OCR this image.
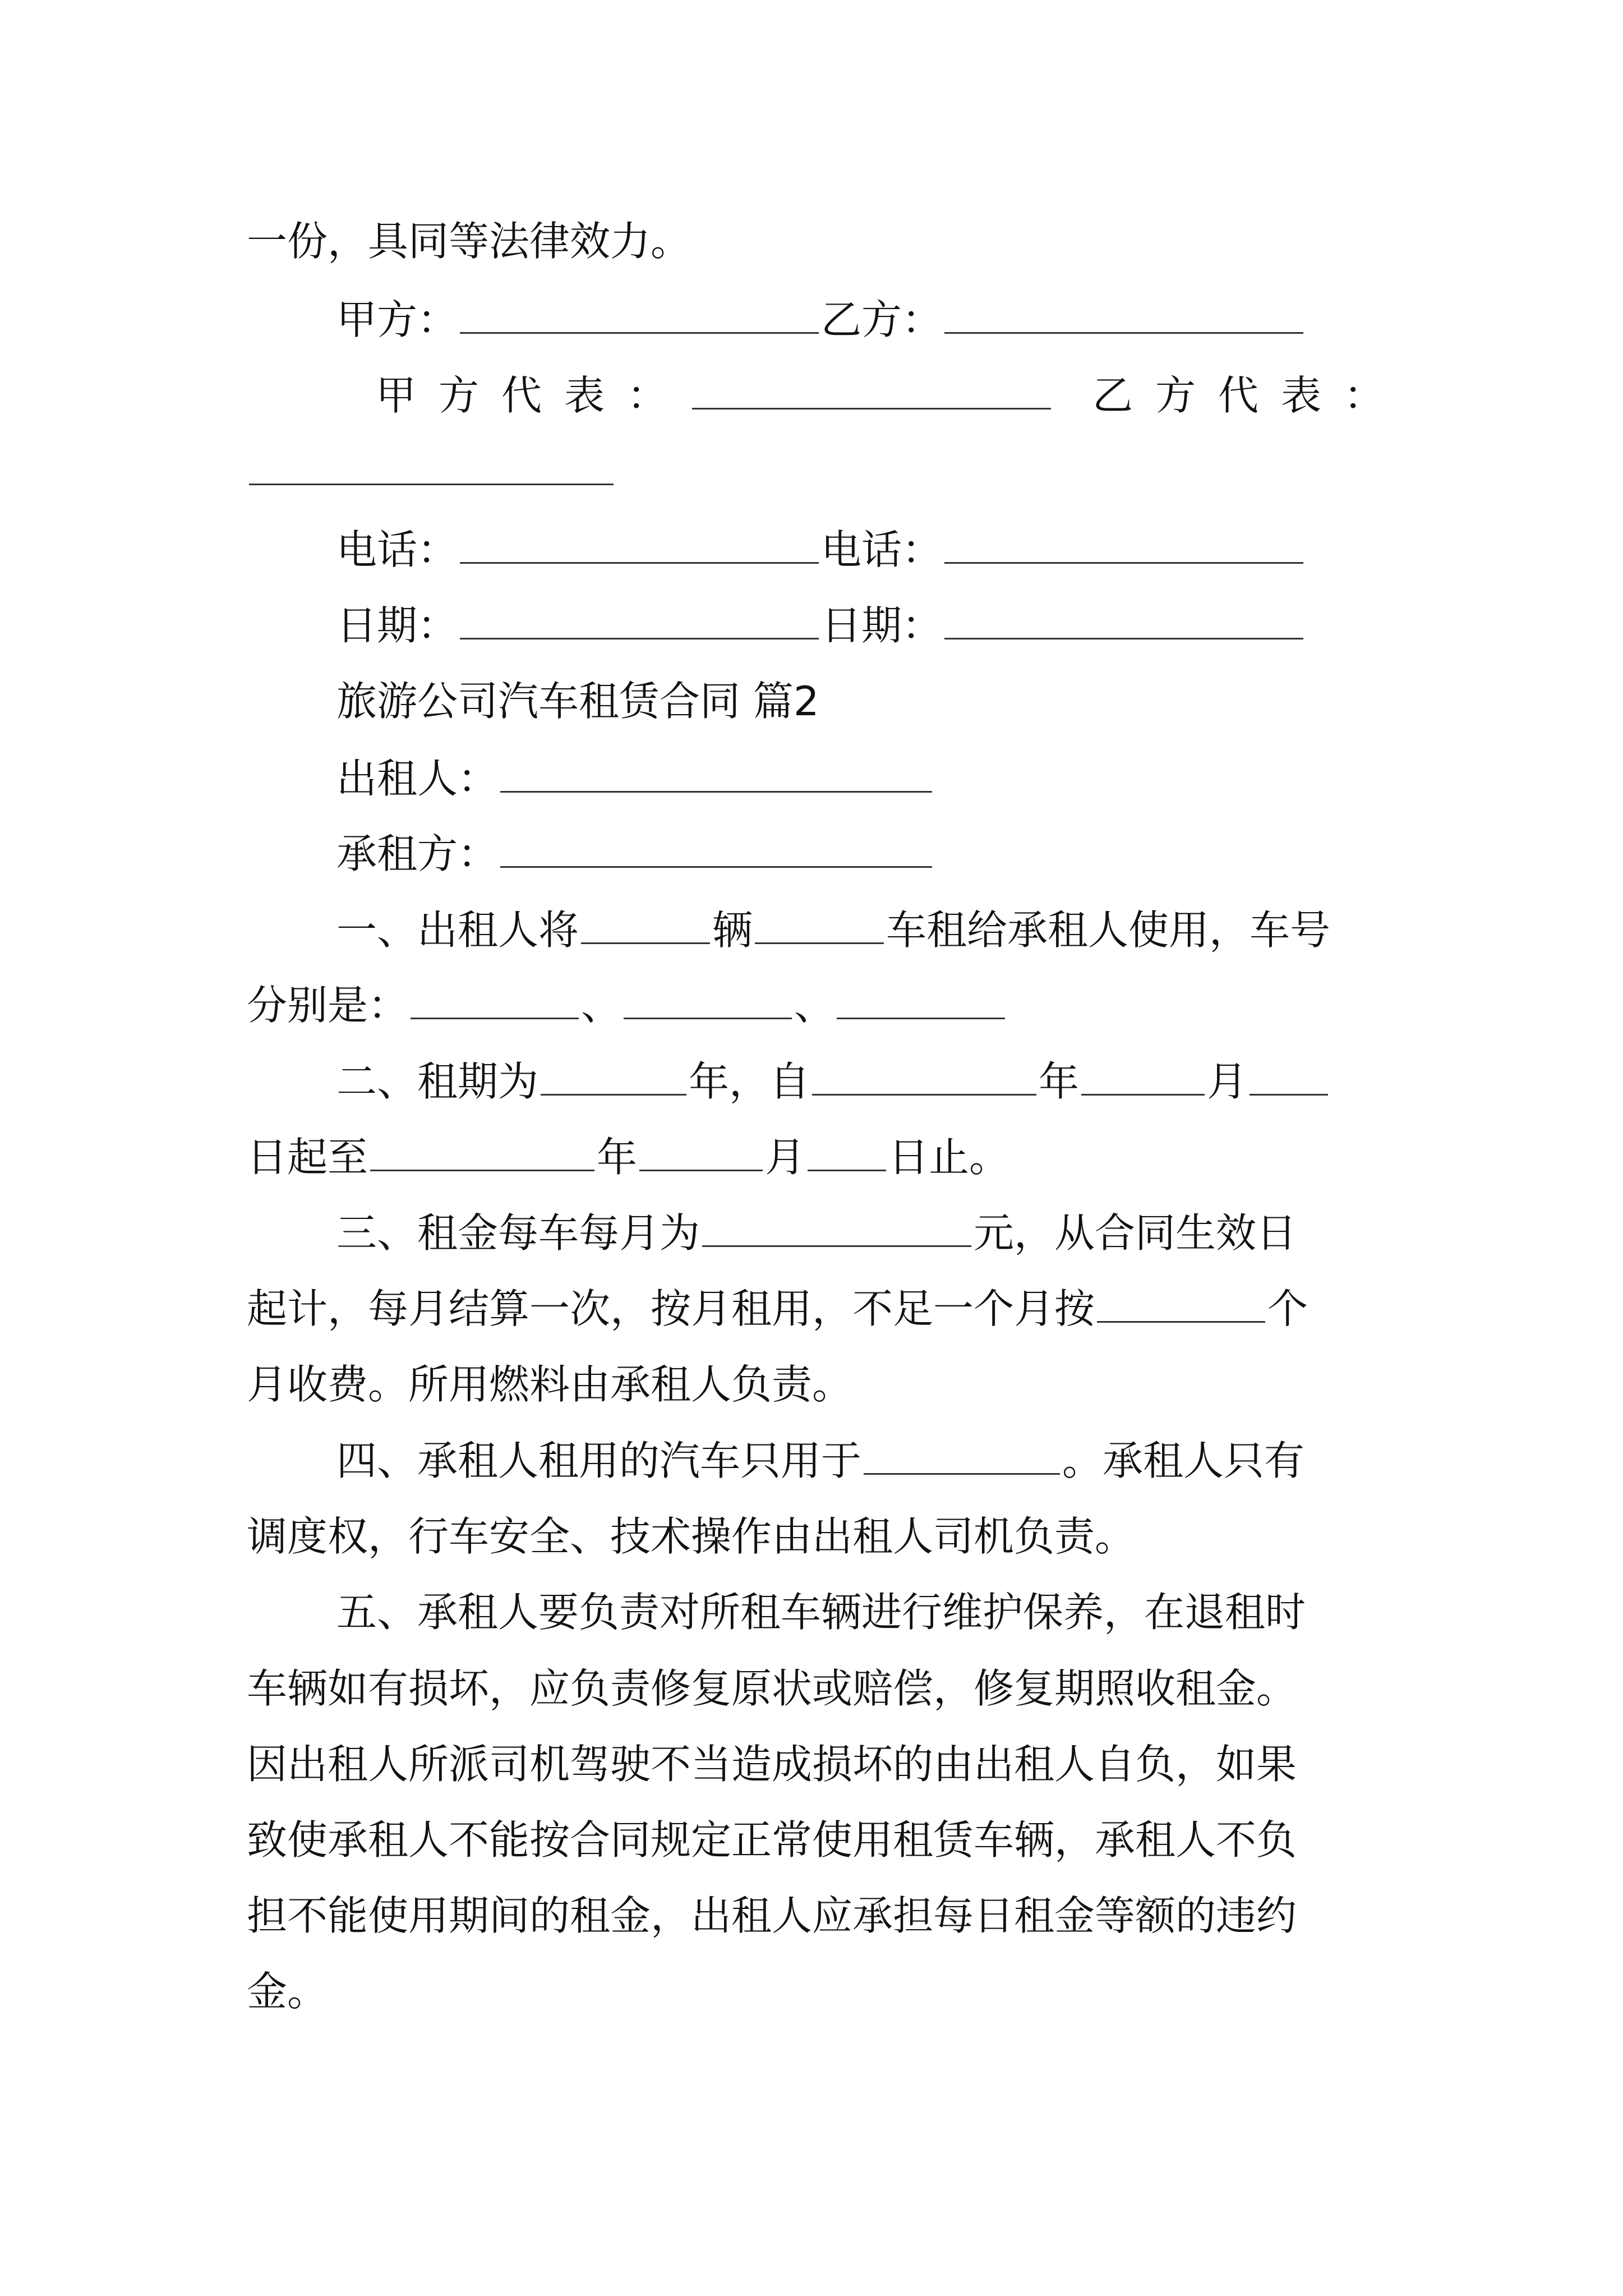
一份，具同等法律效力。
甲方：	乙方：
甲方代表：	乙方代表：
电话：	电话：
日期：	日期：
旅游公司汽车租赁合同 篇2
出租人：
承租方：
一、出租人将	辆	车租给承租人使用，车号
分别是：	、	、
二、租期为	年，自	年	月
日起至	年	月 日止。
三、租金每车每月为	元，从合同生效日
起计，每月结算一次，按月租用，不足一个月按	个
月收费。所用燃料由承租人负责。
四、承租人租用的汽车只用于	。承租人只有
调度权，行车安全、技术操作由出租人司机负责。
五、承租人要负责对所租车辆进行维护保养，在退租时
车辆如有损坏，应负责修复原状或赔偿，修复期照收租金。
因出租人所派司机驾驶不当造成损坏的由出租人自负，如果
致使承租人不能按合同规定正常使用租赁车辆，承租人不负
担不能使用期间的租金，出租人应承担每日租金等额的违约
金。
